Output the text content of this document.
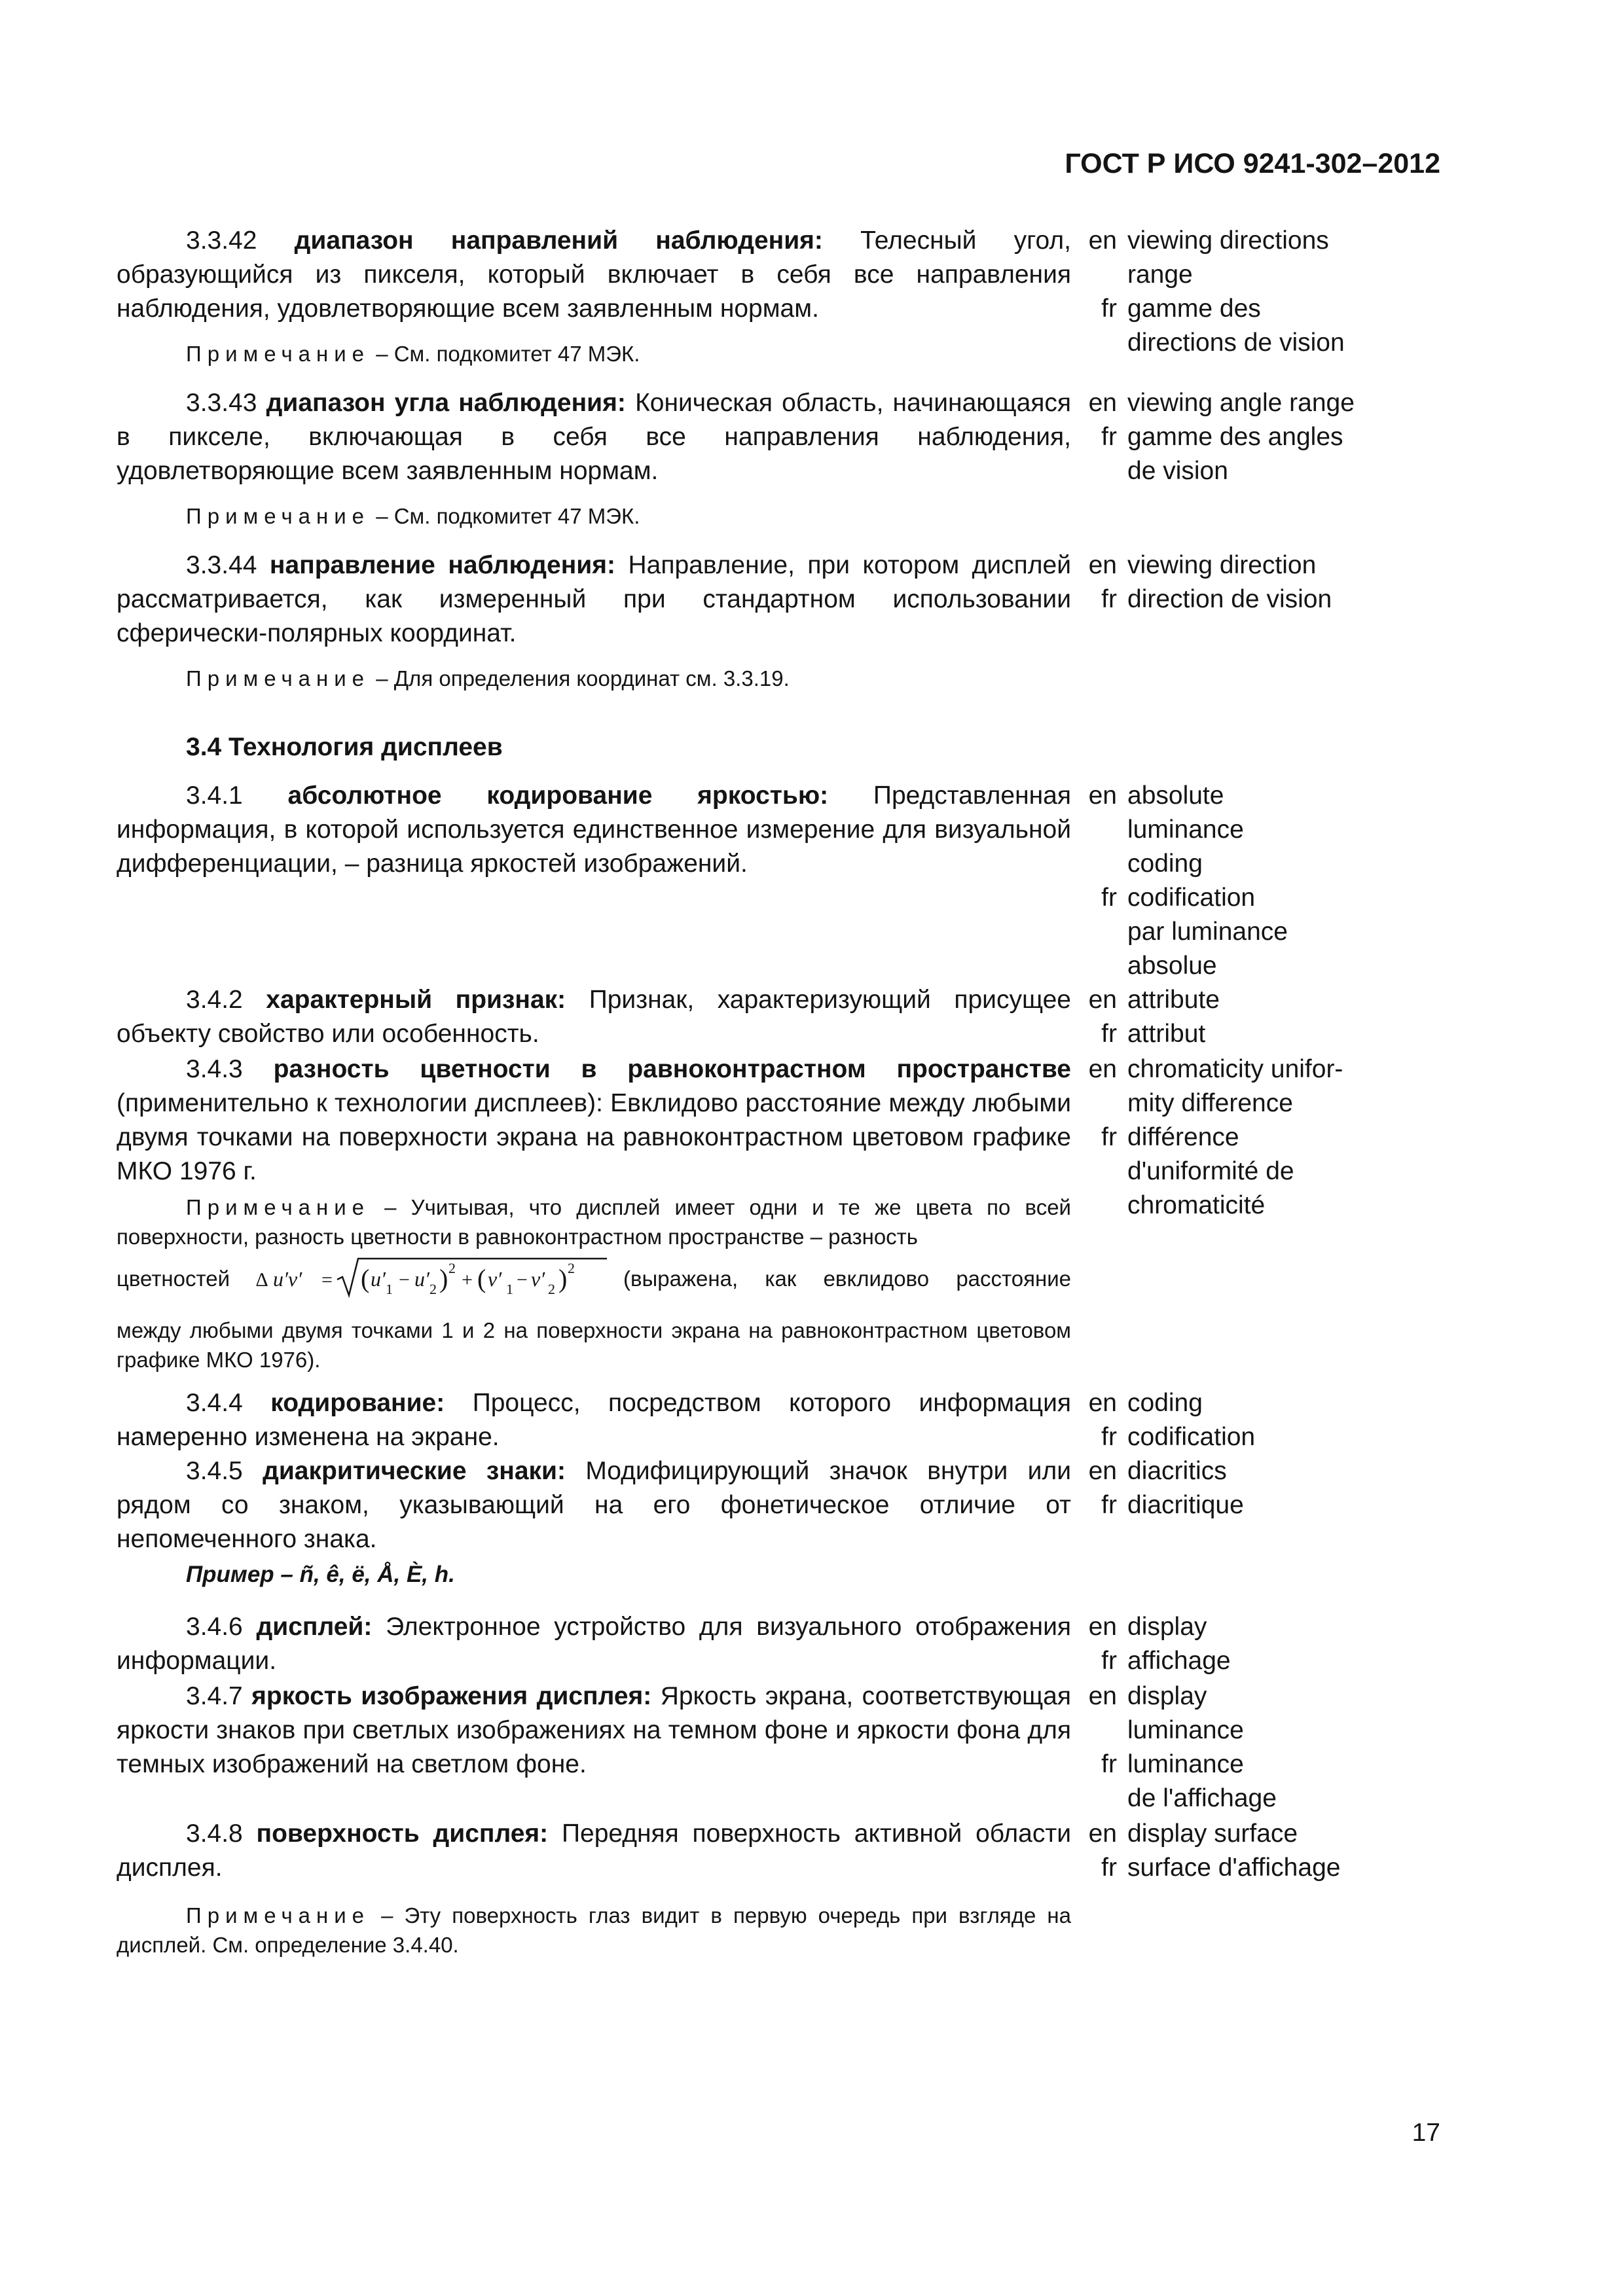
ГОСТ Р ИСО 9241-302–2012

3.3.42 диапазон направлений наблюдения: Телесный угол, образующийся из пикселя, который включает в себя все направления наблюдения, удовлетворяющие всем заявленным нормам.

Примечание – См. подкомитет 47 МЭК.

en viewing directions
range
fr gamme des
directions de vision

3.3.43 диапазон угла наблюдения: Коническая область, начинающаяся в пикселе, включающая в себя все направления наблюдения, удовлетворяющие всем заявленным нормам.

Примечание – См. подкомитет 47 МЭК.

en viewing angle range
fr gamme des angles
de vision

3.3.44 направление наблюдения: Направление, при котором дисплей рассматривается, как измеренный при стандартном использовании сферически-полярных координат.

Примечание – Для определения координат см. 3.3.19.

en viewing direction
fr direction de vision
3.4 Технология дисплеев

3.4.1 абсолютное кодирование яркостью: Представленная информация, в которой используется единственное измерение для визуальной дифференциации, – разница яркостей изображений.

en absolute
luminance
coding
fr codification
par luminance
absolue

3.4.2 характерный признак: Признак, характеризующий присущее объекту свойство или особенность.

en attribute
fr attribut

3.4.3 разность цветности в равноконтрастном пространстве (применительно к технологии дисплеев): Евклидово расстояние между любыми двумя точками на поверхности экрана на равноконтрастном цветовом графике МКО 1976 г.

Примечание – Учитывая, что дисплей имеет одни и те же цвета по всей поверхности, разность цветности в равноконтрастном пространстве – разность

цветностей ∆ u′v′ = ( u′ 1 − u′ 2 ) 2
+ ( v′ 1 − v′ 2 ) 2 (выражена, как евклидово расстояние

между любыми двумя точками 1 и 2 на поверхности экрана на равноконтрастном цветовом графике МКО 1976).

en chromaticity unifor-
mity difference
fr différence
d'uniformité de
chromaticité

3.4.4 кодирование: Процесс, посредством которого информация намеренно изменена на экране.

en coding
fr codification

3.4.5 диакритические знаки: Модифицирующий значок внутри или рядом со знаком, указывающий на его фонетическое отличие от непомеченного знака.

Пример – ñ, ê, ë, Å, È, h.
en diacritics
fr diacritique

3.4.6 дисплей: Электронное устройство для визуального отображения информации.

en display
fr affichage

3.4.7 яркость изображения дисплея: Яркость экрана, соответствующая яркости знаков при светлых изображениях на темном фоне и яркости фона для темных изображений на светлом фоне.

en display
luminance
fr luminance
de l'affichage

3.4.8 поверхность дисплея: Передняя поверхность активной области дисплея.

Примечание – Эту поверхность глаз видит в первую очередь при взгляде на дисплей. См. определение 3.4.40.

en display surface
fr surface d'affichage
17
